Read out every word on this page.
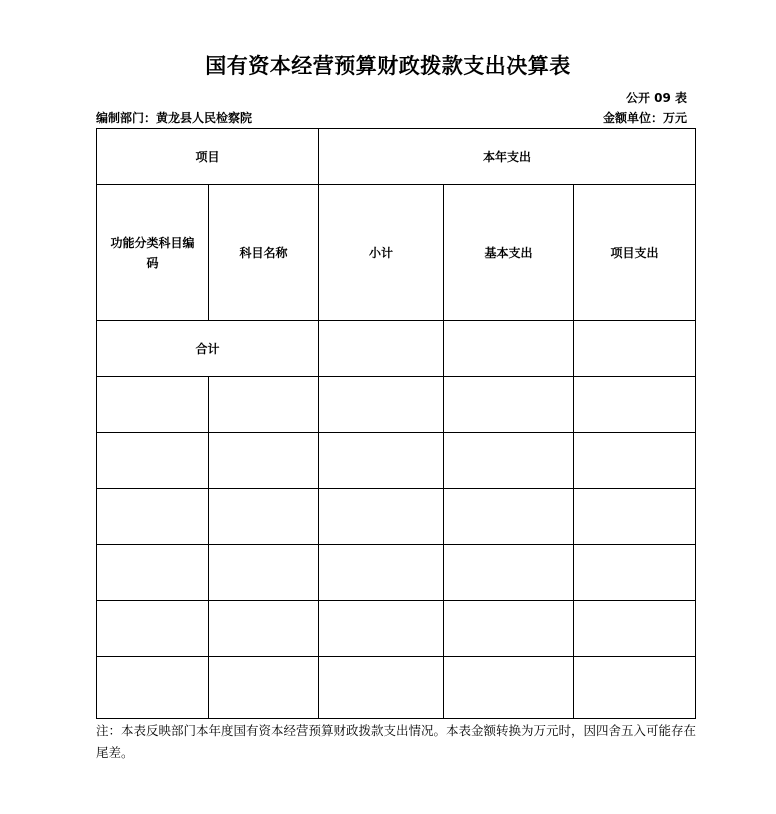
国有资本经营预算财政拨款支出决算表
公开 09 表
编制部门：黄龙县人民检察院	金额单位：万元
项目		本年支出		

功能分类科目编码	科目名称	小计	基本支出	项目支出
合计				

注：本表反映部门本年度国有资本经营预算财政拨款支出情况。本表金额转换为万元时，因四舍五入可能存在尾差。
